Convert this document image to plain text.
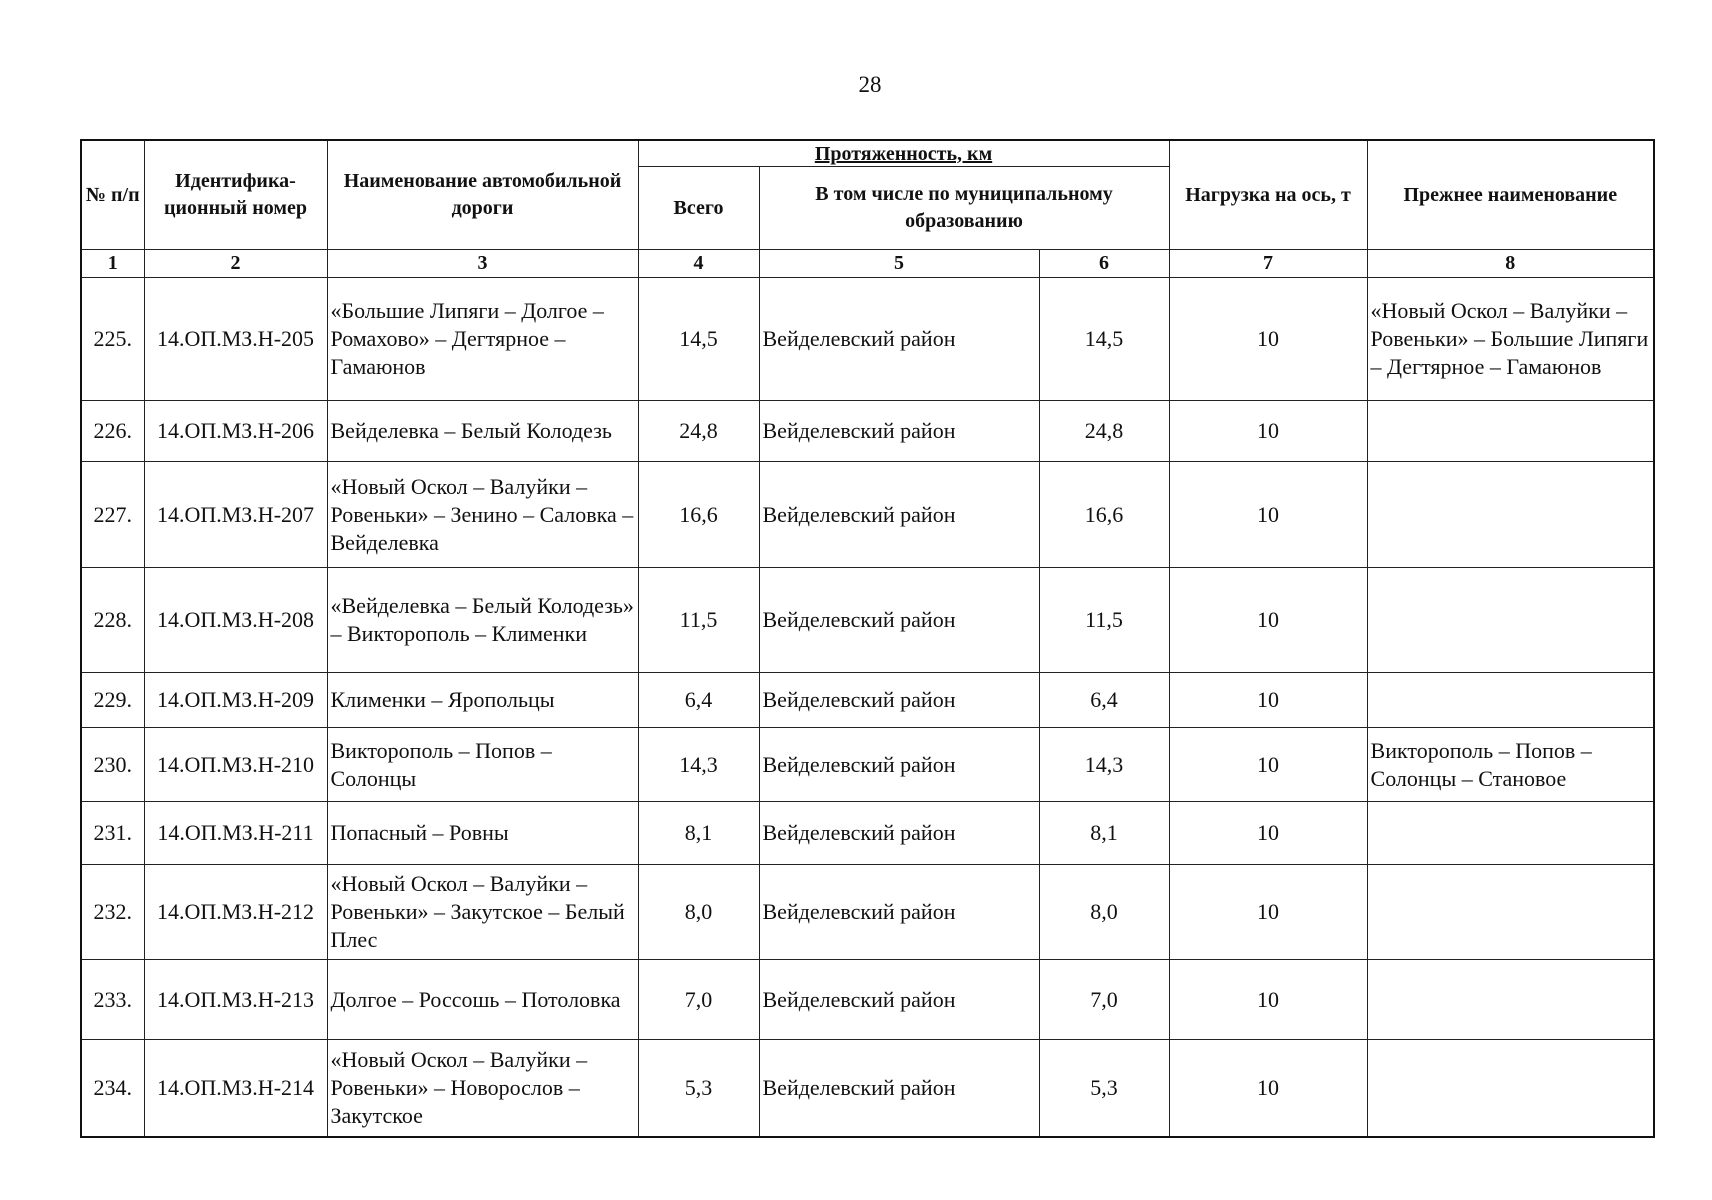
28
№ п/п	Идентифика-ционный номер	Наименование автомобильной дороги	Протяженность, км			Нагрузка на ось, т	Прежнее наименование
			Всего	В том числе по муниципальному образованию			
1	2	3	4	5	6	7	8
225.	14.ОП.МЗ.Н-205	«Большие Липяги – Долгое – Ромахово» – Дегтярное – Гамаюнов	14,5	Вейделевский район	14,5	10	«Новый Оскол – Валуйки – Ровеньки» – Большие Липяги – Дегтярное – Гамаюнов
226.	14.ОП.МЗ.Н-206	Вейделевка – Белый Колодезь	24,8	Вейделевский район	24,8	10	
227.	14.ОП.МЗ.Н-207	«Новый Оскол – Валуйки – Ровеньки» – Зенино – Саловка – Вейделевка	16,6	Вейделевский район	16,6	10	
228.	14.ОП.МЗ.Н-208	«Вейделевка – Белый Колодезь» – Викторополь – Клименки	11,5	Вейделевский район	11,5	10	
229.	14.ОП.МЗ.Н-209	Клименки – Яропольцы	6,4	Вейделевский район	6,4	10	
230.	14.ОП.МЗ.Н-210	Викторополь – Попов – Солонцы	14,3	Вейделевский район	14,3	10	Викторополь – Попов – Солонцы – Становое
231.	14.ОП.МЗ.Н-211	Попасный – Ровны	8,1	Вейделевский район	8,1	10	
232.	14.ОП.МЗ.Н-212	«Новый Оскол – Валуйки – Ровеньки» – Закутское – Белый Плес	8,0	Вейделевский район	8,0	10	
233.	14.ОП.МЗ.Н-213	Долгое – Россошь – Потоловка	7,0	Вейделевский район	7,0	10	
234.	14.ОП.МЗ.Н-214	«Новый Оскол – Валуйки – Ровеньки» – Новорослов – Закутское	5,3	Вейделевский район	5,3	10	
